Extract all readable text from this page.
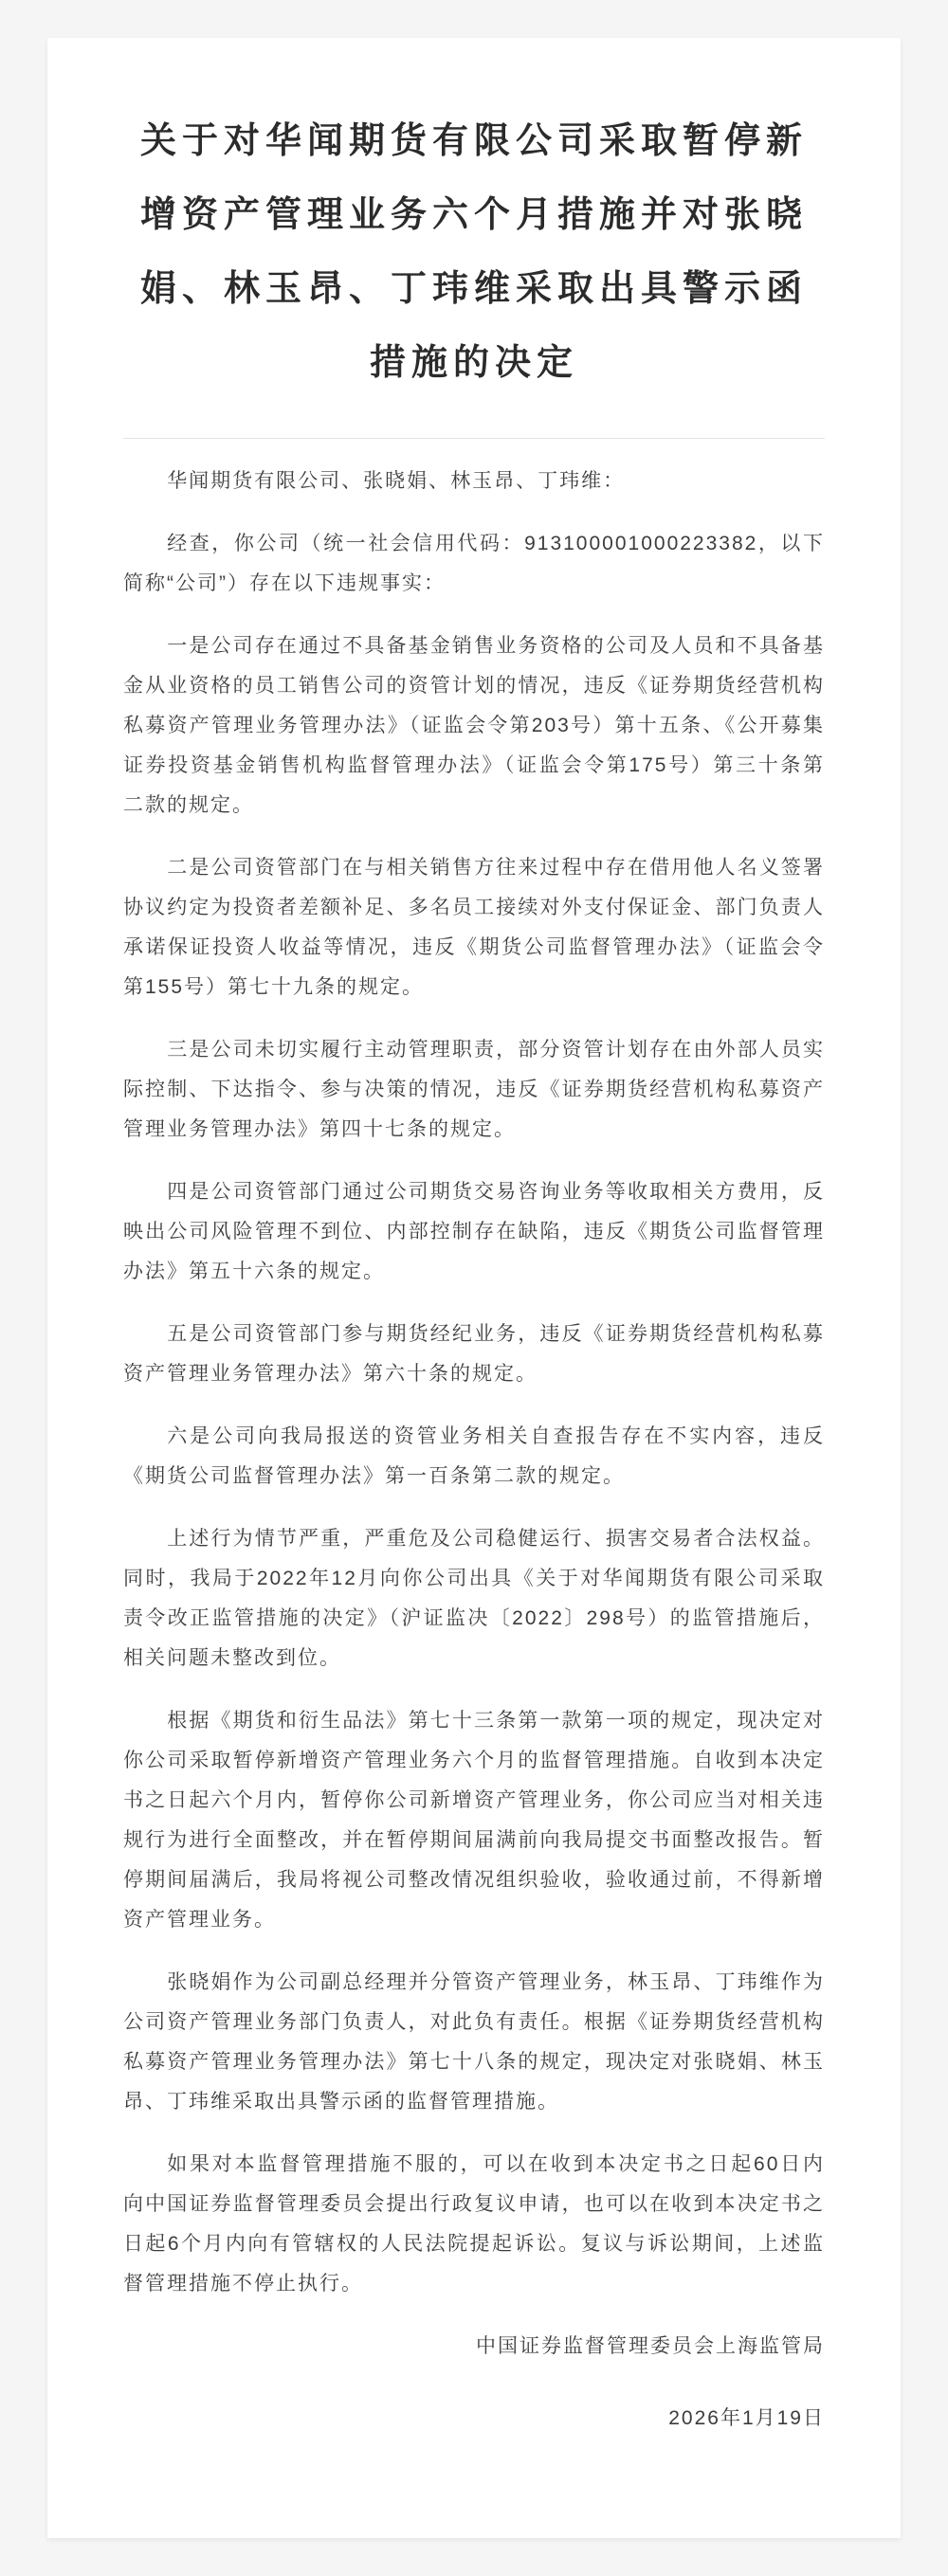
关于对华闻期货有限公司采取暂停新增资产管理业务六个月措施并对张晓娟、林玉昂、丁玮维采取出具警示函措施的决定

华闻期货有限公司、张晓娟、林玉昂、丁玮维：

经查，你公司（统一社会信用代码：913100001000223382，以下简称“公司”）存在以下违规事实：

一是公司存在通过不具备基金销售业务资格的公司及人员和不具备基金从业资格的员工销售公司的资管计划的情况，违反《证券期货经营机构私募资产管理业务管理办法》（证监会令第203号）第十五条、《公开募集证券投资基金销售机构监督管理办法》（证监会令第175号）第三十条第二款的规定。

二是公司资管部门在与相关销售方往来过程中存在借用他人名义签署协议约定为投资者差额补足、多名员工接续对外支付保证金、部门负责人承诺保证投资人收益等情况，违反《期货公司监督管理办法》（证监会令第155号）第七十九条的规定。

三是公司未切实履行主动管理职责，部分资管计划存在由外部人员实际控制、下达指令、参与决策的情况，违反《证券期货经营机构私募资产管理业务管理办法》第四十七条的规定。

四是公司资管部门通过公司期货交易咨询业务等收取相关方费用，反映出公司风险管理不到位、内部控制存在缺陷，违反《期货公司监督管理办法》第五十六条的规定。

五是公司资管部门参与期货经纪业务，违反《证券期货经营机构私募资产管理业务管理办法》第六十条的规定。

六是公司向我局报送的资管业务相关自查报告存在不实内容，违反《期货公司监督管理办法》第一百条第二款的规定。

上述行为情节严重，严重危及公司稳健运行、损害交易者合法权益。同时，我局于2022年12月向你公司出具《关于对华闻期货有限公司采取责令改正监管措施的决定》（沪证监决〔2022〕298号）的监管措施后，相关问题未整改到位。

根据《期货和衍生品法》第七十三条第一款第一项的规定，现决定对你公司采取暂停新增资产管理业务六个月的监督管理措施。自收到本决定书之日起六个月内，暂停你公司新增资产管理业务，你公司应当对相关违规行为进行全面整改，并在暂停期间届满前向我局提交书面整改报告。暂停期间届满后，我局将视公司整改情况组织验收，验收通过前，不得新增资产管理业务。

张晓娟作为公司副总经理并分管资产管理业务，林玉昂、丁玮维作为公司资产管理业务部门负责人，对此负有责任。根据《证券期货经营机构私募资产管理业务管理办法》第七十八条的规定，现决定对张晓娟、林玉昂、丁玮维采取出具警示函的监督管理措施。

如果对本监督管理措施不服的，可以在收到本决定书之日起60日内向中国证券监督管理委员会提出行政复议申请，也可以在收到本决定书之日起6个月内向有管辖权的人民法院提起诉讼。复议与诉讼期间，上述监督管理措施不停止执行。

中国证券监督管理委员会上海监管局

2026年1月19日
